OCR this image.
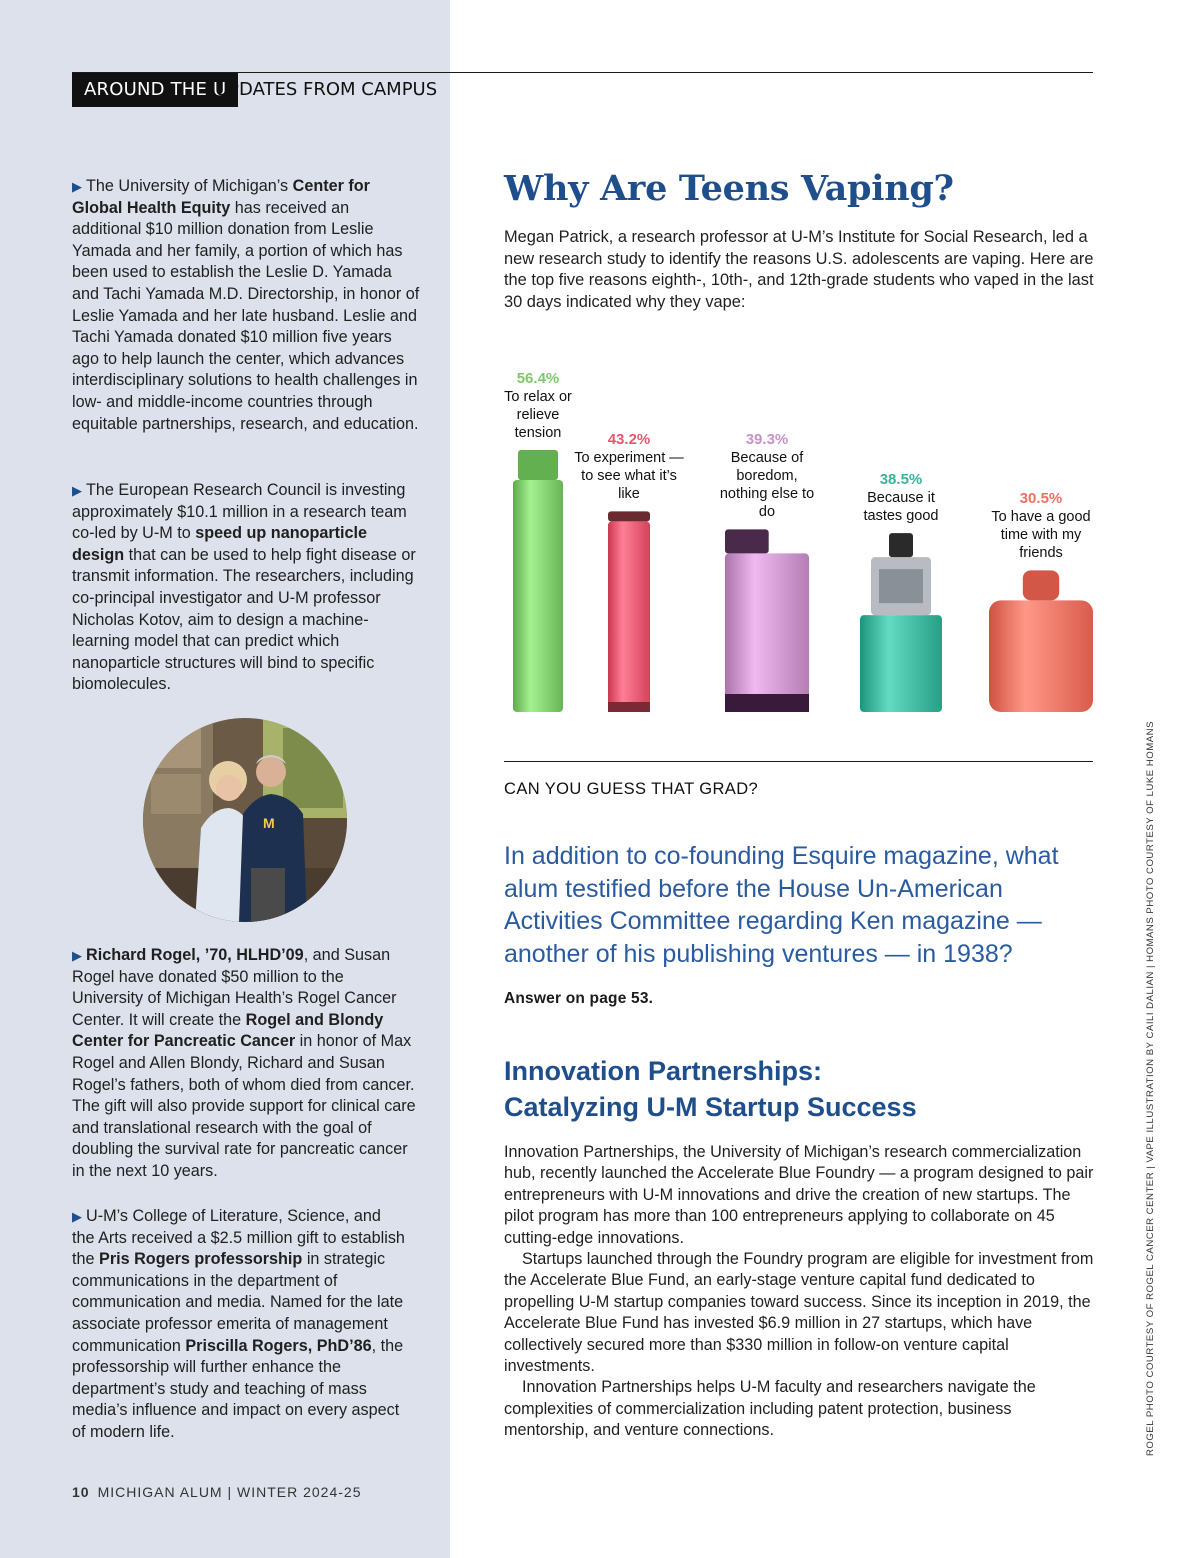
AROUND THE U
UPDATES FROM CAMPUS
▶ The University of Michigan’s Center for Global Health Equity has received an additional $10 million donation from Leslie Yamada and her family, a portion of which has been used to establish the Leslie D. Yamada and Tachi Yamada M.D. Directorship, in honor of Leslie Yamada and her late husband. Leslie and Tachi Yamada donated $10 million five years ago to help launch the center, which advances interdisciplinary solutions to health challenges in low- and middle-income countries through equitable partnerships, research, and education.
▶ The European Research Council is investing approximately $10.1 million in a research team co-led by U-M to speed up nanoparticle design that can be used to help fight disease or transmit information. The researchers, including co-principal investigator and U-M professor Nicholas Kotov, aim to design a machine-learning model that can predict which nanoparticle structures will bind to specific biomolecules.
▶ Richard Rogel, ’70, HLHD’09, and Susan Rogel have donated $50 million to the University of Michigan Health’s Rogel Cancer Center. It will create the Rogel and Blondy Center for Pancreatic Cancer in honor of Max Rogel and Allen Blondy, Richard and Susan Rogel’s fathers, both of whom died from cancer. The gift will also provide support for clinical care and translational research with the goal of doubling the survival rate for pancreatic cancer in the next 10 years.
▶ U-M’s College of Literature, Science, and the Arts received a $2.5 million gift to establish the Pris Rogers professorship in strategic communications in the department of communication and media. Named for the late associate professor emerita of management communication Priscilla Rogers, PhD’86, the professorship will further enhance the department’s study and teaching of mass media’s influence and impact on every aspect of modern life.
M
10 MICHIGAN ALUM | WINTER 2024-25
Why Are Teens Vaping?
Megan Patrick, a research professor at U-M’s Institute for Social Research, led a new research study to identify the reasons U.S. adolescents are vaping. Here are the top five reasons eighth-, 10th-, and 12th-grade students who vaped in the last 30 days indicated why they vape:
56.4%
To relax or relieve tension	43.2%
To experiment — to see what it’s like
39.3%
Because of boredom, nothing else to do
38.5%
Because it tastes good
30.5%
To have a good time with my friends
CAN YOU GUESS THAT GRAD?
In addition to co-founding Esquire magazine, what alum testified before the House Un-American Activities Committee regarding Ken magazine — another of his publishing ventures — in 1938?
Answer on page 53.
Innovation Partnerships:
Catalyzing U-M Startup Success

Innovation Partnerships, the University of Michigan’s research commercialization hub, recently launched the Accelerate Blue Foundry — a program designed to pair entrepreneurs with U-M innovations and drive the creation of new startups. The pilot program has more than 100 entrepreneurs applying to collaborate on 45 cutting-edge innovations.

Startups launched through the Foundry program are eligible for investment from the Accelerate Blue Fund, an early-stage venture capital fund dedicated to propelling U-M startup companies toward success. Since its inception in 2019, the Accelerate Blue Fund has invested $6.9 million in 27 startups, which have collectively secured more than $330 million in follow-on venture capital investments.

Innovation Partnerships helps U-M faculty and researchers navigate the complexities of commercialization including patent protection, business mentorship, and venture connections.	ROGEL PHOTO COURTESY OF ROGEL CANCER CENTER | VAPE ILLUSTRATION BY CAILI DALIAN | HOMANS PHOTO COURTESY OF LUKE HOMANS
